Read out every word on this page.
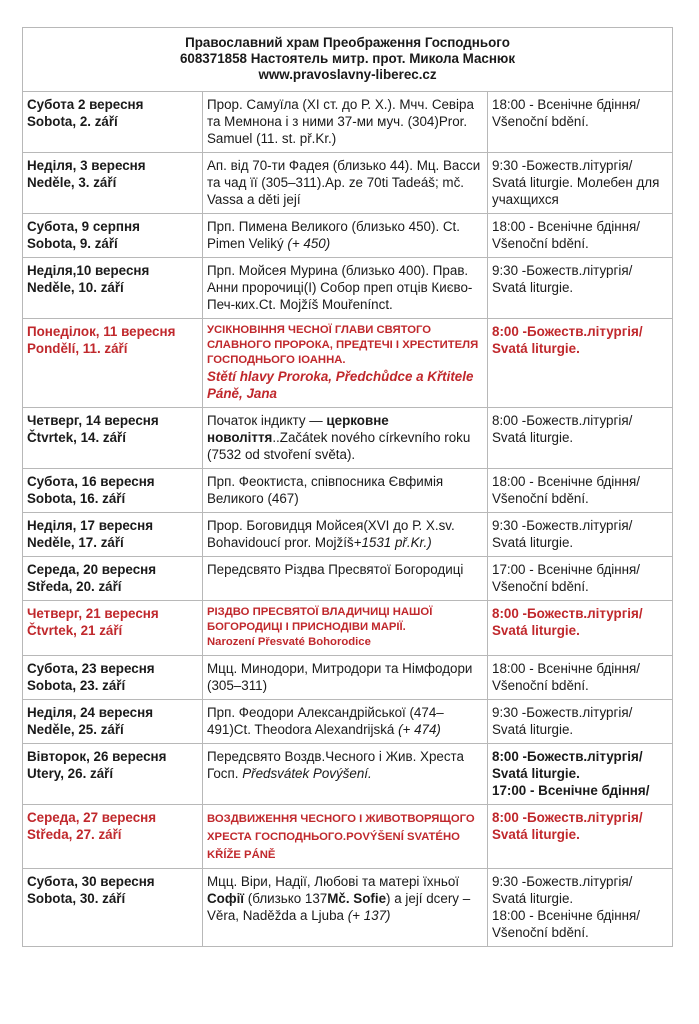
Православний храм Преображення Господнього
608371858 Настоятель митр. прот. Микола Маснюк
www.pravoslavny-liberec.cz		

Субота 2 вересня
Sobota, 2. září	Прор. Самуїла (XI ст. до Р. Х.). Мчч. Севіра та Мемнона і з ними 37-ми муч. (304)Pror. Samuel (11. st. př.Kr.)	18:00 - Всенічне бдіння/ Všenoční bdění.

Неділя, 3 вересня
Neděle, 3. září	Ап. від 70-ти Фадея (близько 44). Мц. Васси та чад її (305–311).Ap. ze 70ti Tadeáš; mč. Vassa a děti její	9:30 -Божеств.літургія/ Svatá liturgie. Молебен для учахщихся

Субота, 9 серпня
Sobota, 9. září	Прп. Пимена Великого (близько 450). Ct. Pimen Veliký (+ 450)	18:00 - Всенічне бдіння/ Všenoční bdění.

Неділя,10 вересня
Neděle, 10. září	Прп. Мойсея Мурина (близько 400). Прав. Анни пророчиці(І) Собор преп отців Києво-Печ-ких.Ct. Mojžíš Mouřenínct.	9:30 -Божеств.літургія/ Svatá liturgie.

Понеділок, 11 вересня
Pondělí, 11. září	УСІКНОВІННЯ ЧЕСНОЇ ГЛАВИ СВЯТОГО СЛАВНОГО ПРОРОКА, ПРЕДТЕЧІ І ХРЕСТИТЕЛЯ ГОСПОДНЬОГО ІОАННА.
Stětí hlavy Proroka, Předchůdce a Křtitele Páně, Jana	8:00 -Божеств.літургія/ Svatá liturgie.

Четверг, 14 вересня
Čtvrtek, 14. září	Початок індикту — церковне новоліття..Začátek nového církevního roku (7532 od stvoření světa).	8:00 -Божеств.літургія/ Svatá liturgie.

Субота, 16 вересня
Sobota, 16. září	Прп. Феоктиста, співпосника Євфимія Великого (467)	18:00 - Всенічне бдіння/ Všenoční bdění.

Неділя, 17 вересня
Neděle, 17. září	Прор. Боговидця Мойсея(XVI до Р. X.sv. Bohavidoucí pror. Mojžíš+1531 př.Kr.)	9:30 -Божеств.літургія/ Svatá liturgie.

Середа, 20 вересня
Středa, 20. září	Передсвято Різдва Пресвятої Богородиці	17:00 - Всенічне бдіння/ Všenoční bdění.

Четверг, 21 вересня
Čtvrtek, 21 září	РІЗДВО ПРЕСВЯТОЇ ВЛАДИЧИЦІ НАШОЇ БОГОРОДИЦІ І ПРИСНОДІВИ МАРІЇ.
Narození Přesvaté Bohorodice	8:00 -Божеств.літургія/ Svatá liturgie.

Субота, 23 вересня
Sobota, 23. září	Мцц. Минодори, Митродори та Німфодори (305–311)	18:00 - Всенічне бдіння/ Všenoční bdění.

Неділя, 24 вересня
Neděle, 25. září	Прп. Феодори Александрійської (474–491)Ct. Theodora Alexandrijská (+ 474)	9:30 -Божеств.літургія/ Svatá liturgie.

Вівторок, 26 вересня
Utery, 26. září	Передсвято Воздв.Чесного і Жив. Хреста Госп. Předsvátek Povýšení.	8:00 -Божеств.літургія/ Svatá liturgie.
17:00 - Всенічне бдіння/

Середа, 27 вересня
Středa, 27. září	ВОЗДВИЖЕННЯ ЧЕСНОГО І ЖИВОТВОРЯЩОГО ХРЕСТА ГОСПОДНЬОГО.POVÝŠENÍ SVATÉHO KŘÍŽE PÁNĚ	8:00 -Божеств.літургія/ Svatá liturgie.

Субота, 30 вересня
Sobota, 30. září	Мцц. Віри, Надії, Любові та матері їхньої Софії (близько 137Mč. Sofie) a její dcery – Věra, Naděžda a Ljuba (+ 137)	9:30 -Божеств.літургія/ Svatá liturgie.
18:00 - Всенічне бдіння/ Všenoční bdění.
